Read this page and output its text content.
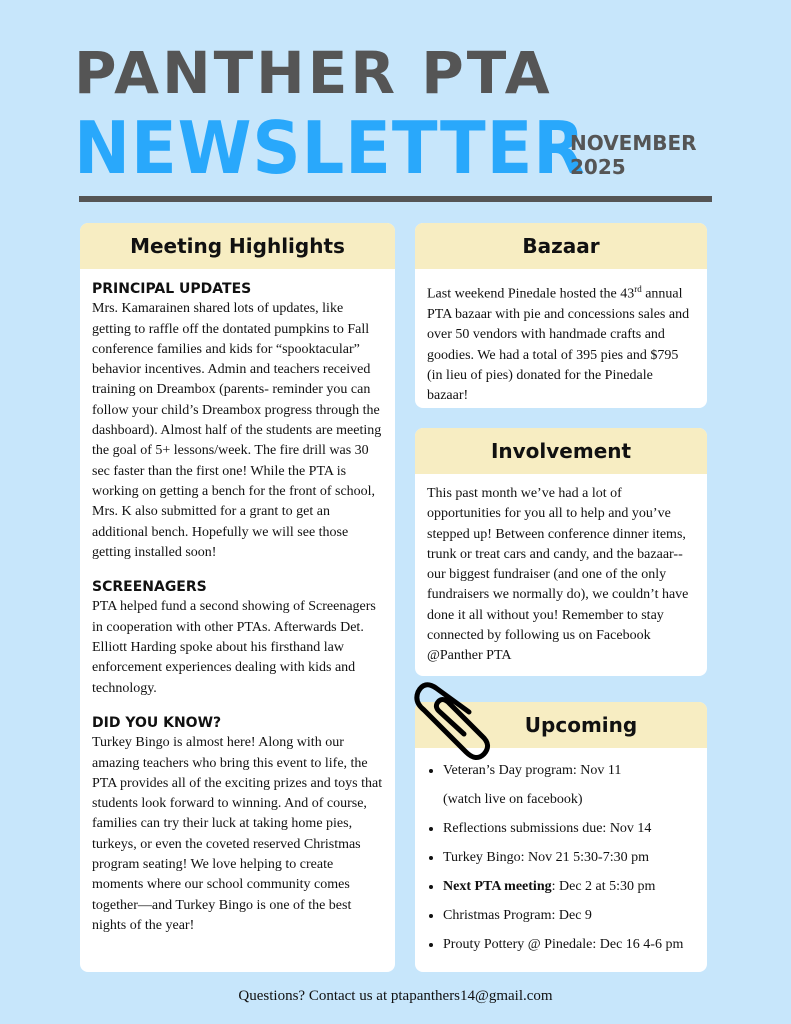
PANTHER PTA
NEWSLETTER
NOVEMBER
2025
Meeting Highlights
PRINCIPAL UPDATES
Mrs. Kamarainen shared lots of updates, like getting to raffle off the dontated pumpkins to Fall conference families and kids for “spooktacular” behavior incentives. Admin and teachers received training on Dreambox (parents- reminder you can follow your child’s Dreambox progress through the dashboard). Almost half of the students are meeting the goal of 5+ lessons/week. The fire drill was 30 sec faster than the first one! While the PTA is working on getting a bench for the front of school, Mrs. K also submitted for a grant to get an additional bench. Hopefully we will see those getting installed soon!
SCREENAGERS
PTA helped fund a second showing of Screenagers in cooperation with other PTAs. Afterwards Det. Elliott Harding spoke about his firsthand law enforcement experiences dealing with kids and technology.
DID YOU KNOW?
Turkey Bingo is almost here! Along with our amazing teachers who bring this event to life, the PTA provides all of the exciting prizes and toys that students look forward to winning. And of course, families can try their luck at taking home pies, turkeys, or even the coveted reserved Christmas program seating! We love helping to create moments where our school community comes together—and Turkey Bingo is one of the best nights of the year!
Bazaar
Last weekend Pinedale hosted the 43rd annual PTA bazaar with pie and concessions sales and over 50 vendors with handmade crafts and goodies. We had a total of 395 pies and $795 (in lieu of pies) donated for the Pinedale bazaar!
Involvement
This past month we’ve had a lot of opportunities for you all to help and you’ve stepped up! Between conference dinner items, trunk or treat cars and candy, and the bazaar-- our biggest fundraiser (and one of the only fundraisers we normally do), we couldn’t have done it all without you! Remember to stay connected by following us on Facebook @Panther PTA
Upcoming
• Veteran’s Day program: Nov 11
(watch live on facebook)
• Reflections submissions due: Nov 14
• Turkey Bingo: Nov 21 5:30-7:30 pm
• Next PTA meeting: Dec 2 at 5:30 pm
• Christmas Program: Dec 9
• Prouty Pottery @ Pinedale: Dec 16 4-6 pm
Questions? Contact us at ptapanthers14@gmail.com
